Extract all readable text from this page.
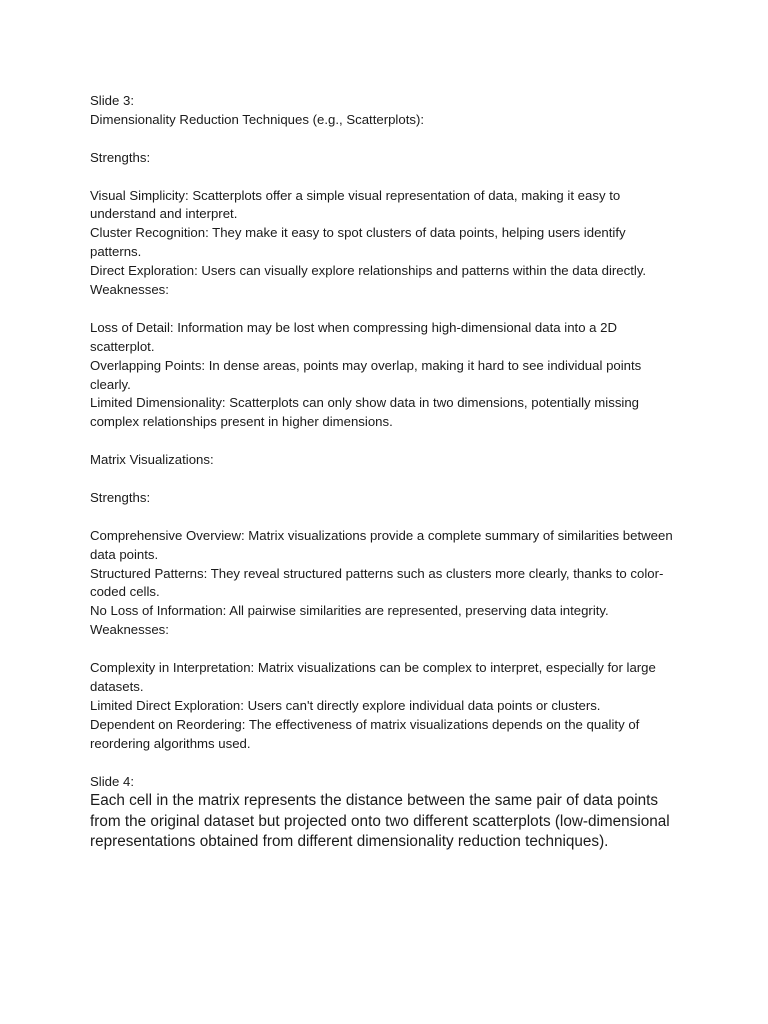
Slide 3:

Dimensionality Reduction Techniques (e.g., Scatterplots):

Strengths:

Visual Simplicity: Scatterplots offer a simple visual representation of data, making it easy to understand and interpret.

Cluster Recognition: They make it easy to spot clusters of data points, helping users identify patterns.

Direct Exploration: Users can visually explore relationships and patterns within the data directly.

Weaknesses:

Loss of Detail: Information may be lost when compressing high-dimensional data into a 2D scatterplot.

Overlapping Points: In dense areas, points may overlap, making it hard to see individual points clearly.

Limited Dimensionality: Scatterplots can only show data in two dimensions, potentially missing complex relationships present in higher dimensions.

Matrix Visualizations:

Strengths:

Comprehensive Overview: Matrix visualizations provide a complete summary of similarities between data points.

Structured Patterns: They reveal structured patterns such as clusters more clearly, thanks to color-coded cells.

No Loss of Information: All pairwise similarities are represented, preserving data integrity.

Weaknesses:

Complexity in Interpretation: Matrix visualizations can be complex to interpret, especially for large datasets.

Limited Direct Exploration: Users can't directly explore individual data points or clusters.

Dependent on Reordering: The effectiveness of matrix visualizations depends on the quality of reordering algorithms used.

Slide 4:

Each cell in the matrix represents the distance between the same pair of data points from the original dataset but projected onto two different scatterplots (low-dimensional representations obtained from different dimensionality reduction techniques).
